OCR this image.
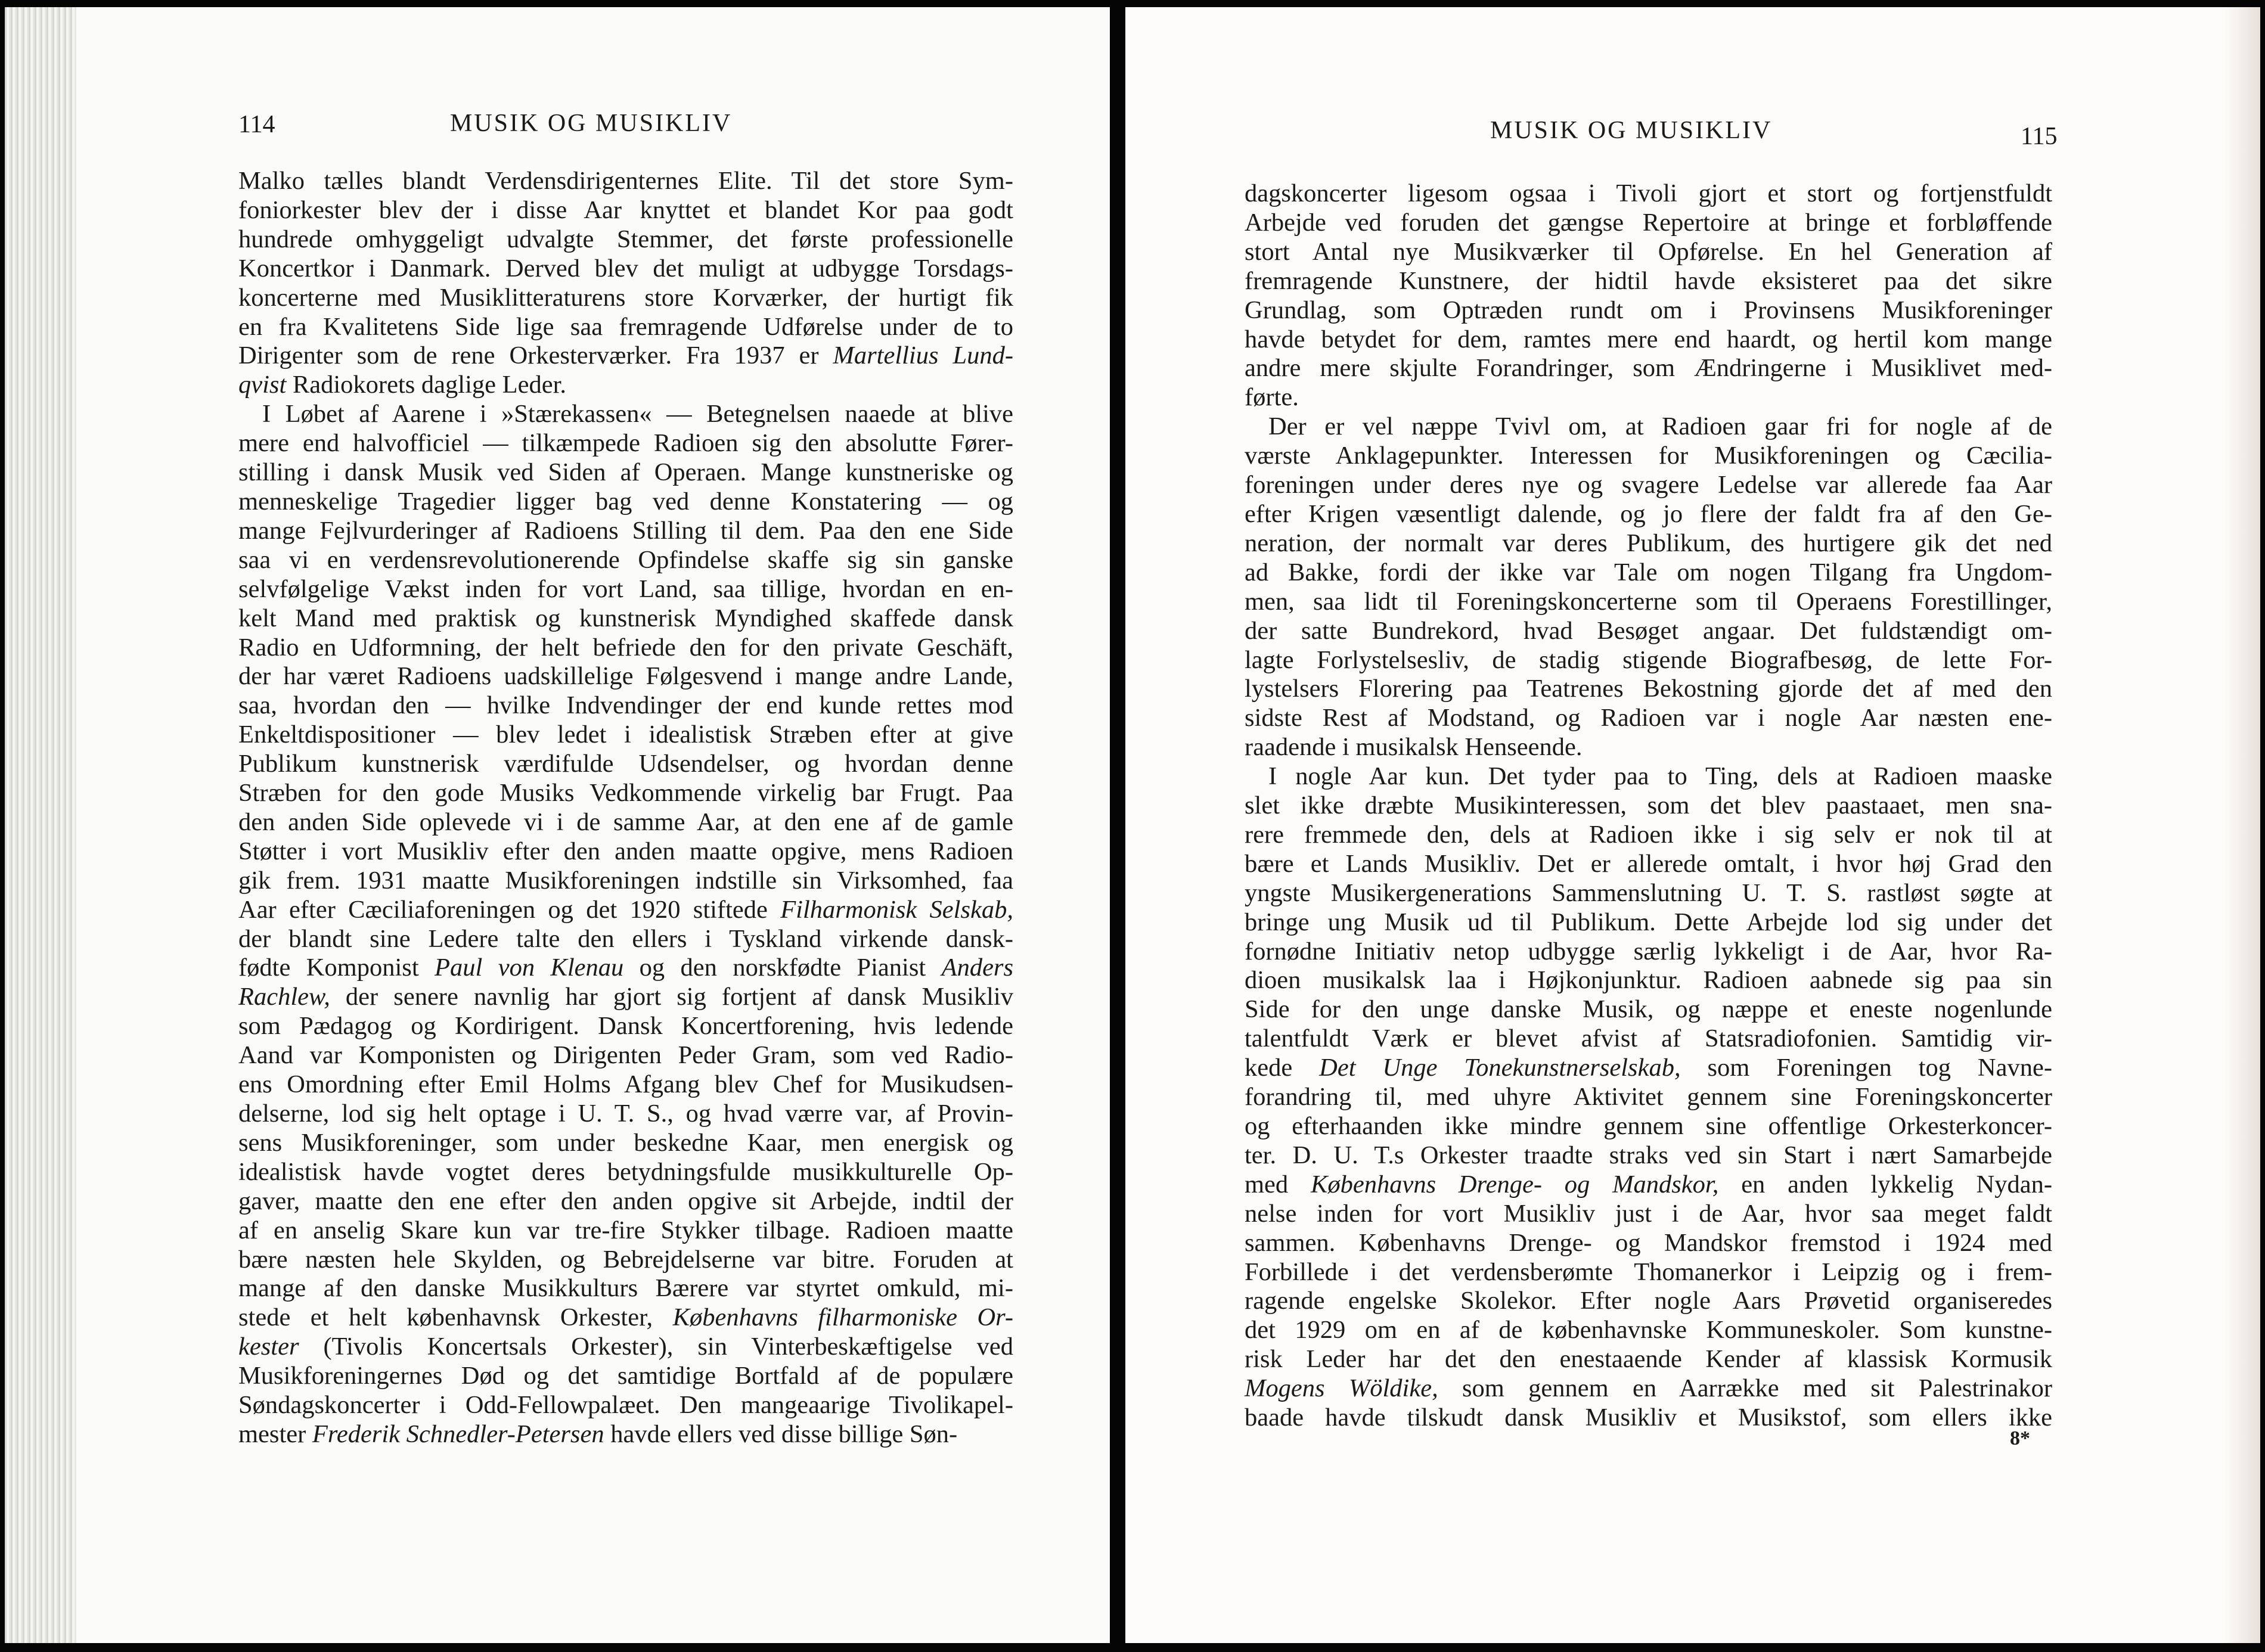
114	MUSIK OG MUSIKLIV
Malko tælles blandt Verdensdirigenternes Elite. Til det store Sym-
foniorkester blev der i disse Aar knyttet et blandet Kor paa godt
hundrede omhyggeligt udvalgte Stemmer, det første professionelle
Koncertkor i Danmark. Derved blev det muligt at udbygge Torsdags-
koncerterne med Musiklitteraturens store Korværker, der hurtigt fik
en fra Kvalitetens Side lige saa fremragende Udførelse under de to
Dirigenter som de rene Orkesterværker. Fra 1937 er Martellius Lund-
qvist Radiokorets daglige Leder.
I Løbet af Aarene i »Stærekassen« — Betegnelsen naaede at blive
mere end halvofficiel — tilkæmpede Radioen sig den absolutte Fører-
stilling i dansk Musik ved Siden af Operaen. Mange kunstneriske og
menneskelige Tragedier ligger bag ved denne Konstatering — og
mange Fejlvurderinger af Radioens Stilling til dem. Paa den ene Side
saa vi en verdensrevolutionerende Opfindelse skaffe sig sin ganske
selvfølgelige Vækst inden for vort Land, saa tillige, hvordan en en-
kelt Mand med praktisk og kunstnerisk Myndighed skaffede dansk
Radio en Udformning, der helt befriede den for den private Geschäft,
der har været Radioens uadskillelige Følgesvend i mange andre Lande,
saa, hvordan den — hvilke Indvendinger der end kunde rettes mod
Enkeltdispositioner — blev ledet i idealistisk Stræben efter at give
Publikum kunstnerisk værdifulde Udsendelser, og hvordan denne
Stræben for den gode Musiks Vedkommende virkelig bar Frugt. Paa
den anden Side oplevede vi i de samme Aar, at den ene af de gamle
Støtter i vort Musikliv efter den anden maatte opgive, mens Radioen
gik frem. 1931 maatte Musikforeningen indstille sin Virksomhed, faa
Aar efter Cæciliaforeningen og det 1920 stiftede Filharmonisk Selskab,
der blandt sine Ledere talte den ellers i Tyskland virkende dansk-
fødte Komponist Paul von Klenau og den norskfødte Pianist Anders
Rachlew, der senere navnlig har gjort sig fortjent af dansk Musikliv
som Pædagog og Kordirigent. Dansk Koncertforening, hvis ledende
Aand var Komponisten og Dirigenten Peder Gram, som ved Radio-
ens Omordning efter Emil Holms Afgang blev Chef for Musikudsen-
delserne, lod sig helt optage i U. T. S., og hvad værre var, af Provin-
sens Musikforeninger, som under beskedne Kaar, men energisk og
idealistisk havde vogtet deres betydningsfulde musikkulturelle Op-
gaver, maatte den ene efter den anden opgive sit Arbejde, indtil der
af en anselig Skare kun var tre-fire Stykker tilbage. Radioen maatte
bære næsten hele Skylden, og Bebrejdelserne var bitre. Foruden at
mange af den danske Musikkulturs Bærere var styrtet omkuld, mi-
stede et helt københavnsk Orkester, Københavns filharmoniske Or-
kester (Tivolis Koncertsals Orkester), sin Vinterbeskæftigelse ved
Musikforeningernes Død og det samtidige Bortfald af de populære
Søndagskoncerter i Odd-Fellowpalæet. Den mangeaarige Tivolikapel-
mester Frederik Schnedler-Petersen havde ellers ved disse billige Søn-
MUSIK OG MUSIKLIV	115
dagskoncerter ligesom ogsaa i Tivoli gjort et stort og fortjenstfuldt
Arbejde ved foruden det gængse Repertoire at bringe et forbløffende
stort Antal nye Musikværker til Opførelse. En hel Generation af
fremragende Kunstnere, der hidtil havde eksisteret paa det sikre
Grundlag, som Optræden rundt om i Provinsens Musikforeninger
havde betydet for dem, ramtes mere end haardt, og hertil kom mange
andre mere skjulte Forandringer, som Ændringerne i Musiklivet med-
førte.
Der er vel næppe Tvivl om, at Radioen gaar fri for nogle af de
værste Anklagepunkter. Interessen for Musikforeningen og Cæcilia-
foreningen under deres nye og svagere Ledelse var allerede faa Aar
efter Krigen væsentligt dalende, og jo flere der faldt fra af den Ge-
neration, der normalt var deres Publikum, des hurtigere gik det ned
ad Bakke, fordi der ikke var Tale om nogen Tilgang fra Ungdom-
men, saa lidt til Foreningskoncerterne som til Operaens Forestillinger,
der satte Bundrekord, hvad Besøget angaar. Det fuldstændigt om-
lagte Forlystelsesliv, de stadig stigende Biografbesøg, de lette For-
lystelsers Florering paa Teatrenes Bekostning gjorde det af med den
sidste Rest af Modstand, og Radioen var i nogle Aar næsten ene-
raadende i musikalsk Henseende.
I nogle Aar kun. Det tyder paa to Ting, dels at Radioen maaske
slet ikke dræbte Musikinteressen, som det blev paastaaet, men sna-
rere fremmede den, dels at Radioen ikke i sig selv er nok til at
bære et Lands Musikliv. Det er allerede omtalt, i hvor høj Grad den
yngste Musikergenerations Sammenslutning U. T. S. rastløst søgte at
bringe ung Musik ud til Publikum. Dette Arbejde lod sig under det
fornødne Initiativ netop udbygge særlig lykkeligt i de Aar, hvor Ra-
dioen musikalsk laa i Højkonjunktur. Radioen aabnede sig paa sin
Side for den unge danske Musik, og næppe et eneste nogenlunde
talentfuldt Værk er blevet afvist af Statsradiofonien. Samtidig vir-
kede Det Unge Tonekunstnerselskab, som Foreningen tog Navne-
forandring til, med uhyre Aktivitet gennem sine Foreningskoncerter
og efterhaanden ikke mindre gennem sine offentlige Orkesterkoncer-
ter. D. U. T.s Orkester traadte straks ved sin Start i nært Samarbejde
med Københavns Drenge- og Mandskor, en anden lykkelig Nydan-
nelse inden for vort Musikliv just i de Aar, hvor saa meget faldt
sammen. Københavns Drenge- og Mandskor fremstod i 1924 med
Forbillede i det verdensberømte Thomanerkor i Leipzig og i frem-
ragende engelske Skolekor. Efter nogle Aars Prøvetid organiseredes
det 1929 om en af de københavnske Kommuneskoler. Som kunstne-
risk Leder har det den enestaaende Kender af klassisk Kormusik
Mogens Wöldike, som gennem en Aarrække med sit Palestrinakor
baade havde tilskudt dansk Musikliv et Musikstof, som ellers ikke
8*
